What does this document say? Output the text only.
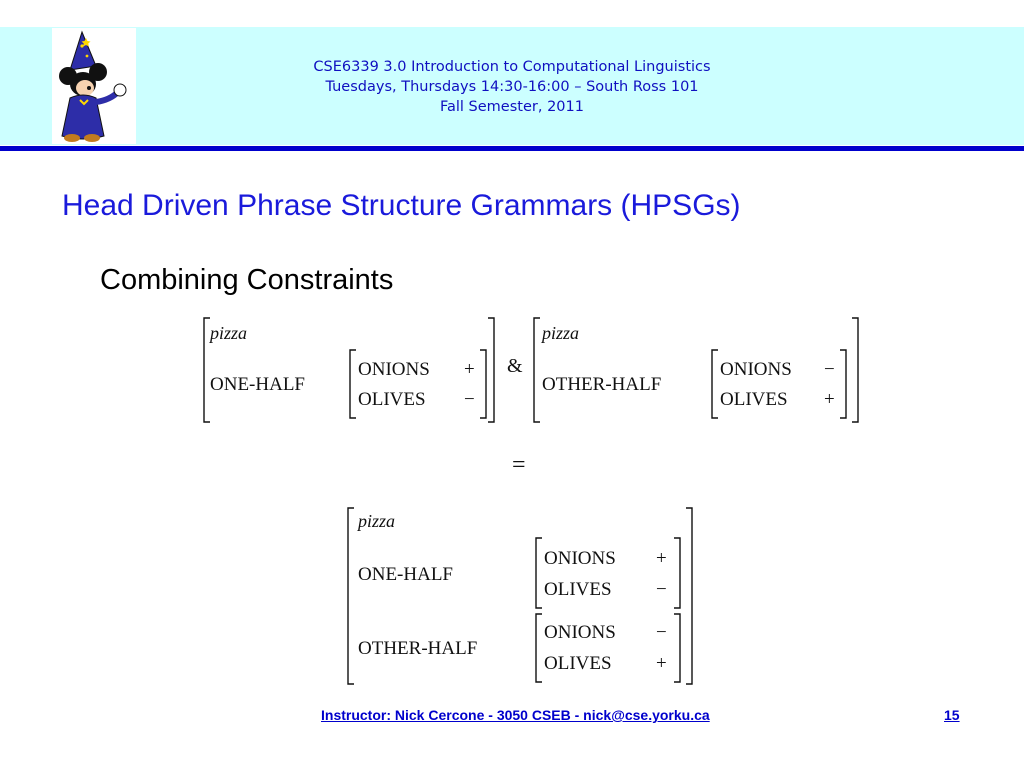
CSE6339 3.0 Introduction to Computational Linguistics
Tuesdays, Thursdays 14:30-16:00 – South Ross 101
Fall Semester, 2011
Head Driven Phrase Structure Grammars (HPSGs)
Combining Constraints
pizza
ONE-HALF
ONIONS +
OLIVES −
&
pizza
OTHER-HALF
ONIONS −
OLIVES +
=
pizza
ONE-HALF
ONIONS +
OLIVES −
OTHER-HALF
ONIONS −
OLIVES +
Instructor: Nick Cercone - 3050 CSEB - nick@cse.yorku.ca	15
